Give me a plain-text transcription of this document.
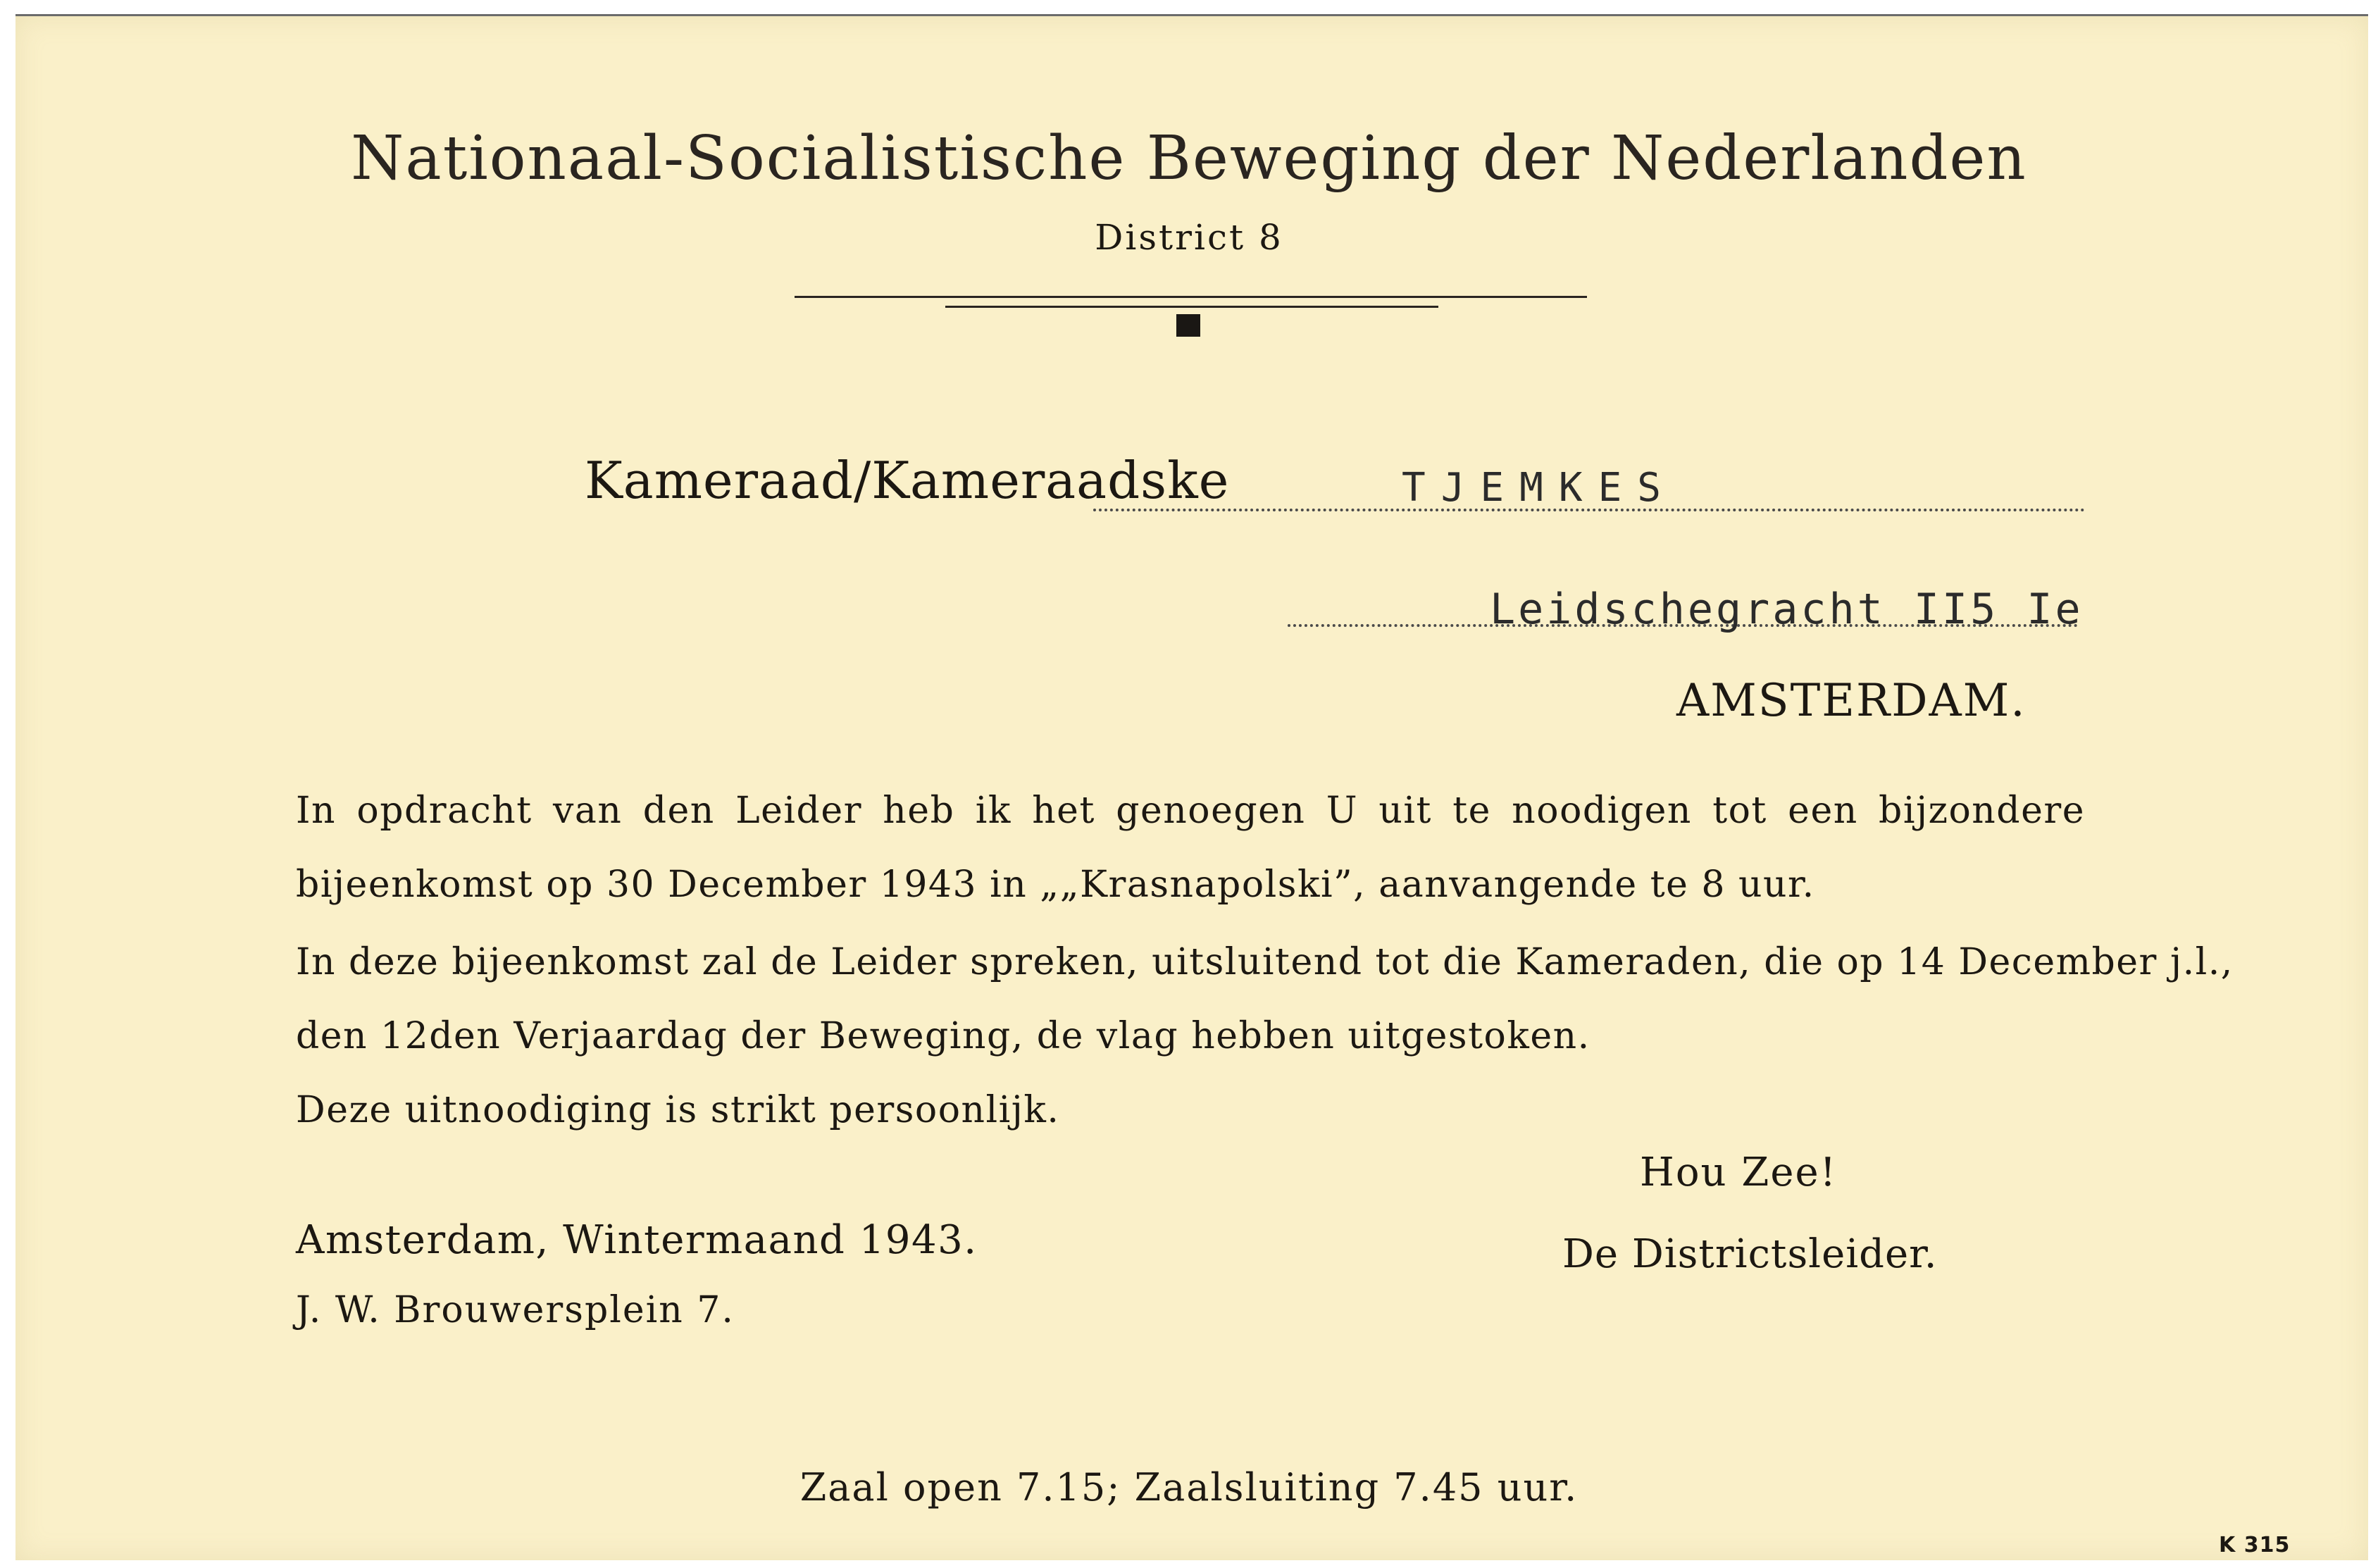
Nationaal-Socialistische Beweging der Nederlanden
District 8
Kameraad/Kameraadske	TJEMKES
Leidschegracht II5 Ie
AMSTERDAM.
In opdracht van den Leider heb ik het genoegen U uit te noodigen tot een bijzondere
bijeenkomst op 30 December 1943 in „„Krasnapolski”, aanvangende te 8 uur.
In deze bijeenkomst zal de Leider spreken, uitsluitend tot die Kameraden, die op 14 December j.l.,
den 12den Verjaardag der Beweging, de vlag hebben uitgestoken.
Deze uitnoodiging is strikt persoonlijk.
Hou Zee!
Amsterdam, Wintermaand 1943.	De Districtsleider.
J. W. Brouwersplein 7.
Zaal open 7.15; Zaalsluiting 7.45 uur.
K 315
